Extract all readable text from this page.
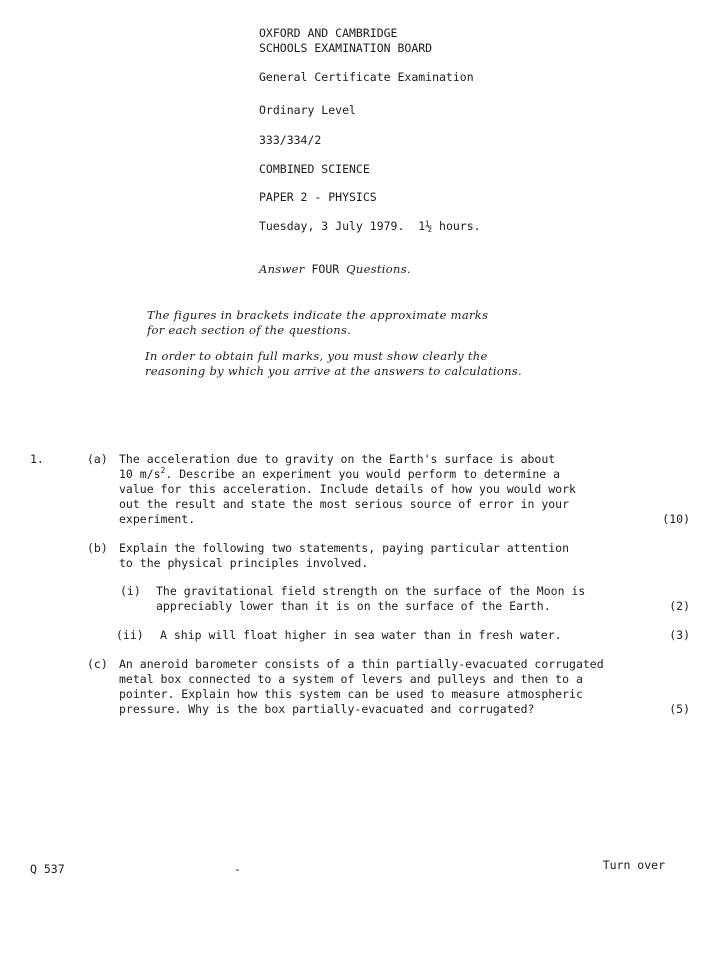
OXFORD AND CAMBRIDGE
SCHOOLS EXAMINATION BOARD
General Certificate Examination
Ordinary Level
333/334/2
COMBINED SCIENCE
PAPER 2 - PHYSICS
Tuesday, 3 July 1979. 1½ hours.
Answer FOUR Questions.
The figures in brackets indicate the approximate marks
for each section of the questions.
In order to obtain full marks, you must show clearly the
reasoning by which you arrive at the answers to calculations.
1.	(a) The acceleration due to gravity on the Earth's surface is about
10 $m/s^2$. Describe an experiment you would perform to determine a
value for this acceleration. Include details of how you would work
out the result and state the most serious source of error in your
experiment.	(10)
(b) Explain the following two statements, paying particular attention
to the physical principles involved.
(i) The gravitational field strength on the surface of the Moon is
appreciably lower than it is on the surface of the Earth.	(2)
(ii) A ship will float higher in sea water than in fresh water.	(3)
(c) An aneroid barometer consists of a thin partially-evacuated corrugated
metal box connected to a system of levers and pulleys and then to a
pointer. Explain how this system can be used to measure atmospheric
pressure. Why is the box partially-evacuated and corrugated?	(5)
Q 537	-	Turn over
